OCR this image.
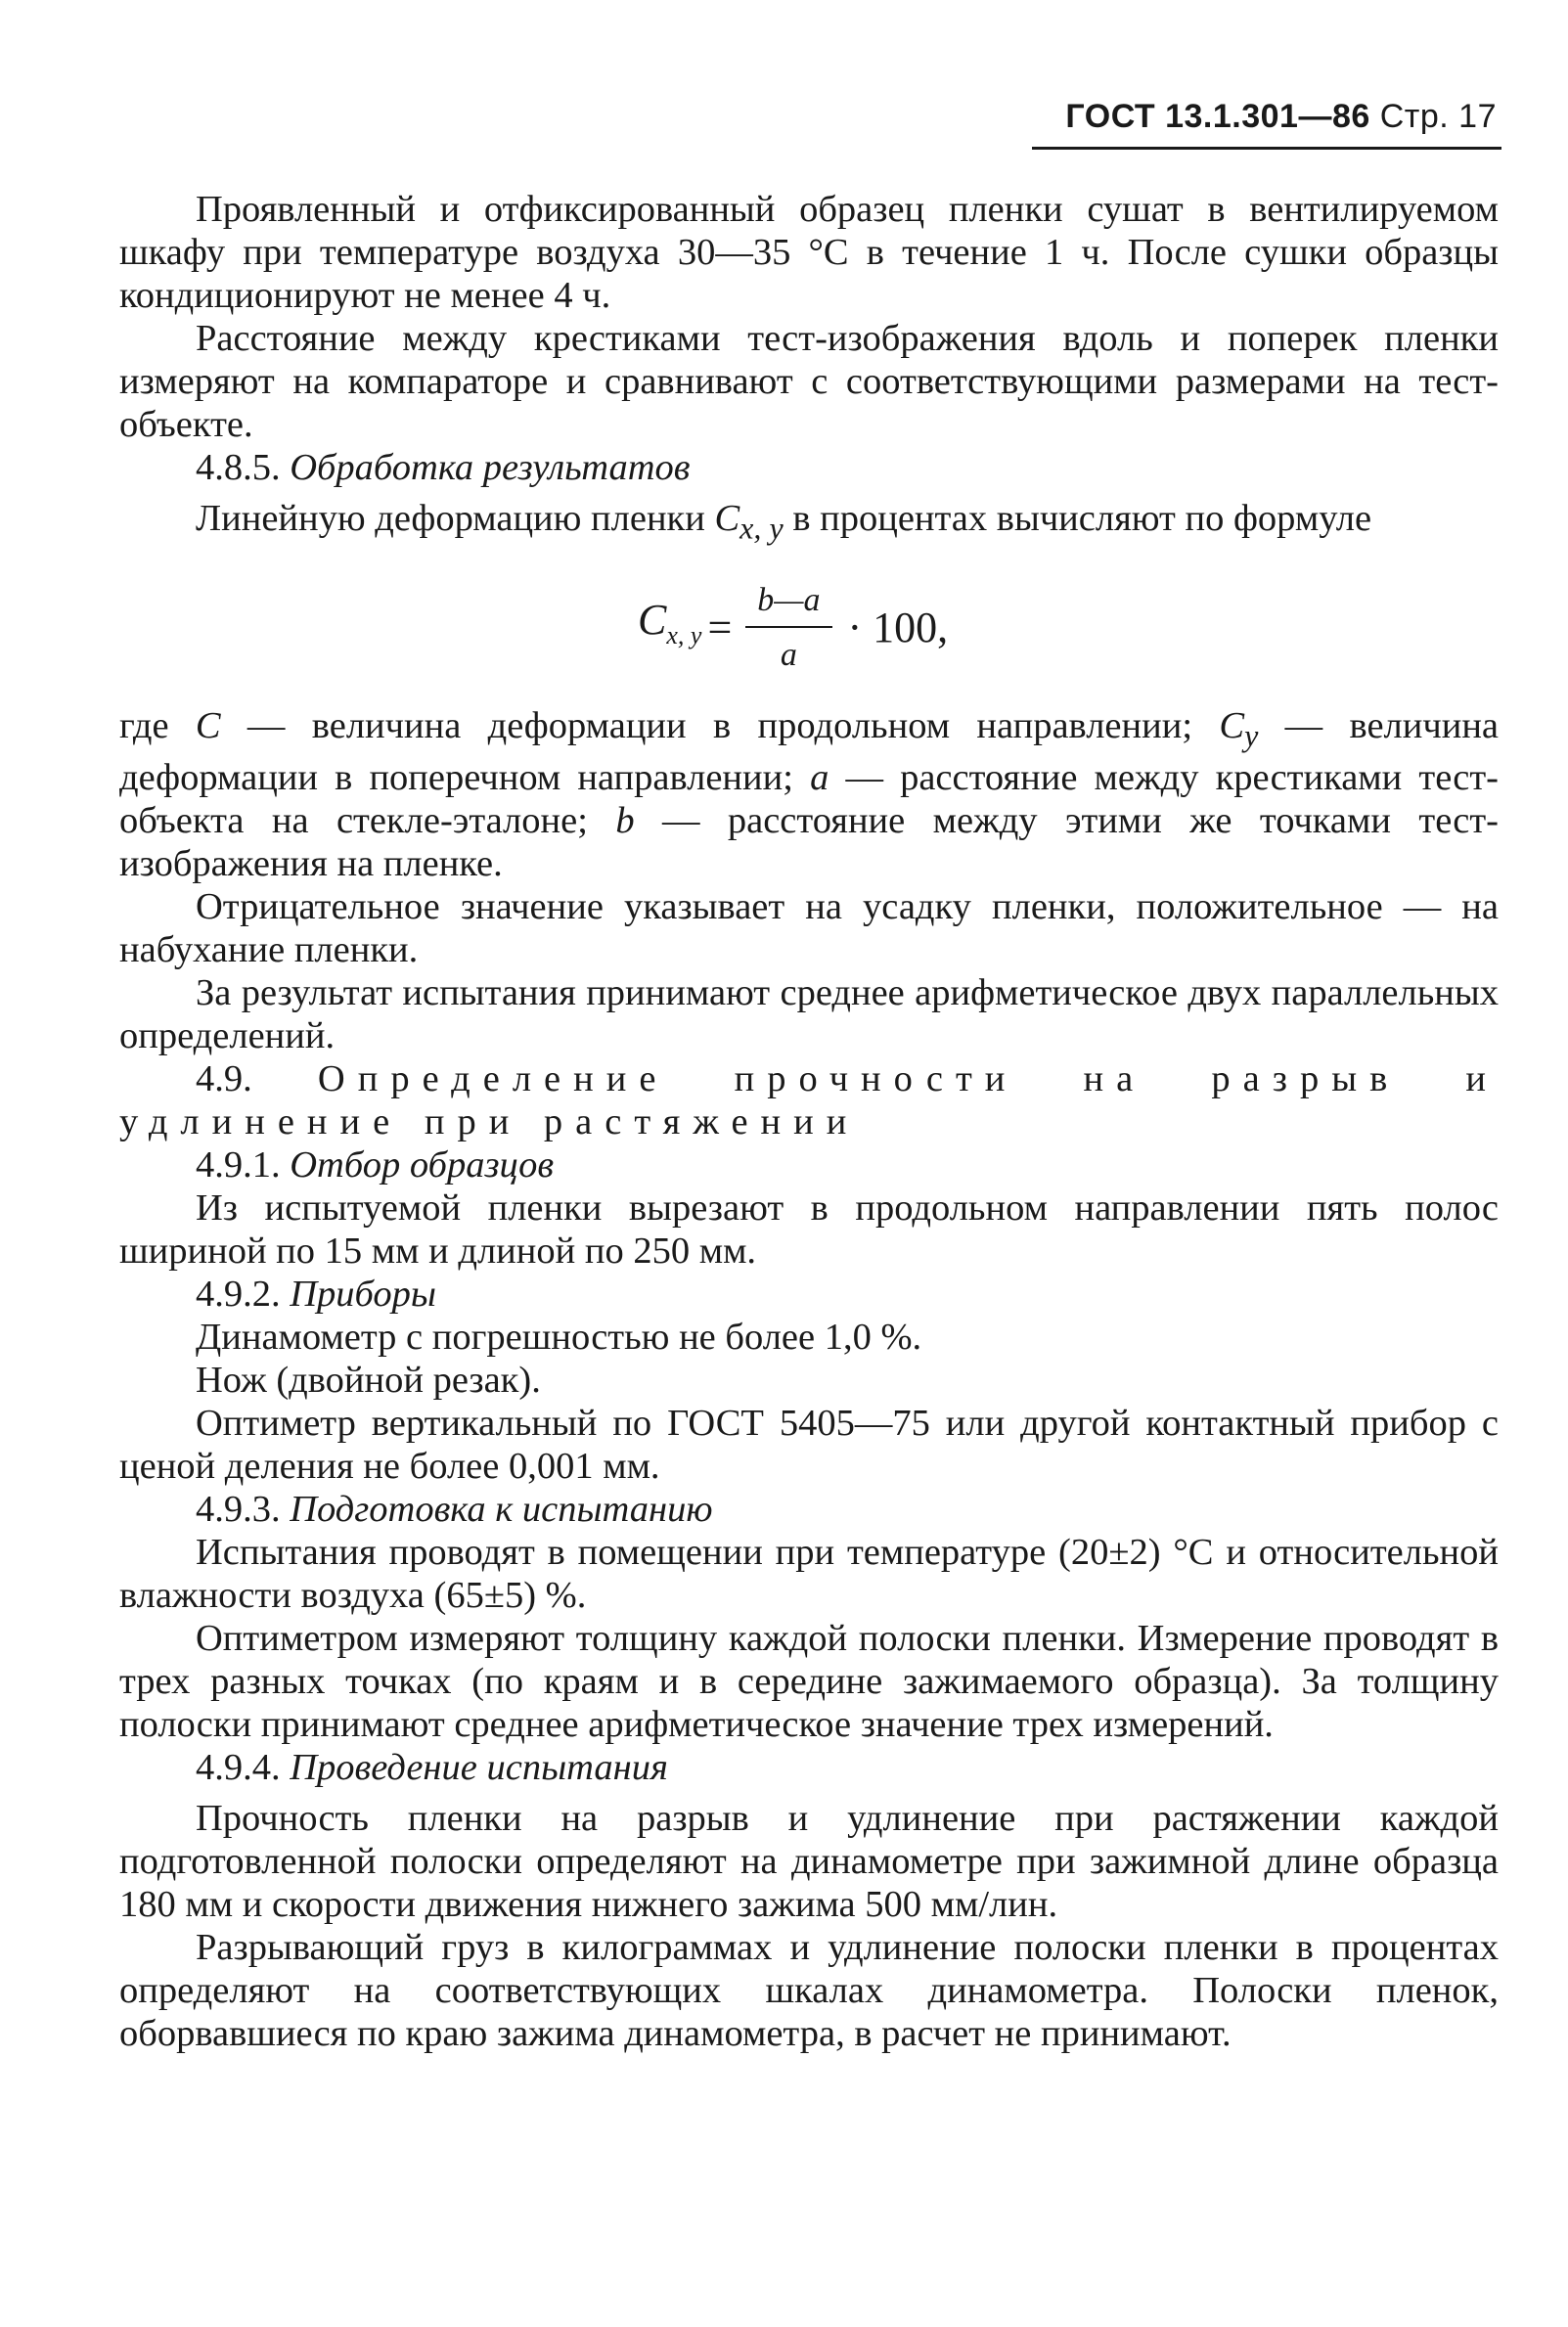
ГОСТ 13.1.301—86 Стр. 17

Проявленный и отфиксированный образец пленки сушат в вентилируемом шкафу при температуре воздуха 30—35 °С в течение 1 ч. После сушки образцы кондиционируют не менее 4 ч.

Расстояние между крестиками тест-изображения вдоль и поперек пленки измеряют на компараторе и сравнивают с соответствующими размерами на тест-объекте.

4.8.5. Обработка результатов

Линейную деформацию пленки $C_{x, y}$ в процентах вычисляют по формуле

$C_{x, y} = \frac{b—a}{a} \cdot 100$,

где C — величина деформации в продольном направлении; $C_y$ — величина деформации в поперечном направлении; a — расстояние между крестиками тест-объекта на стекле-эталоне; b — расстояние между этими же точками тест-изображения на пленке.

Отрицательное значение указывает на усадку пленки, положительное — на набухание пленки.

За результат испытания принимают среднее арифметическое двух параллельных определений.

4.9. Определение прочности на разрыв и удлинение при растяжении

4.9.1. Отбор образцов

Из испытуемой пленки вырезают в продольном направлении пять полос шириной по 15 мм и длиной по 250 мм.

4.9.2. Приборы

Динамометр с погрешностью не более 1,0 %.

Нож (двойной резак).

Оптиметр вертикальный по ГОСТ 5405—75 или другой контактный прибор с ценой деления не более 0,001 мм.

4.9.3. Подготовка к испытанию

Испытания проводят в помещении при температуре (20±2) °С и относительной влажности воздуха (65±5) %.

Оптиметром измеряют толщину каждой полоски пленки. Измерение проводят в трех разных точках (по краям и в середине зажимаемого образца). За толщину полоски принимают среднее арифметическое значение трех измерений.

4.9.4. Проведение испытания

Прочность пленки на разрыв и удлинение при растяжении каждой подготовленной полоски определяют на динамометре при зажимной длине образца 180 мм и скорости движения нижнего зажима 500 мм/лин.

Разрывающий груз в килограммах и удлинение полоски пленки в процентах определяют на соответствующих шкалах динамометра. Полоски пленок, оборвавшиеся по краю зажима динамометра, в расчет не принимают.
